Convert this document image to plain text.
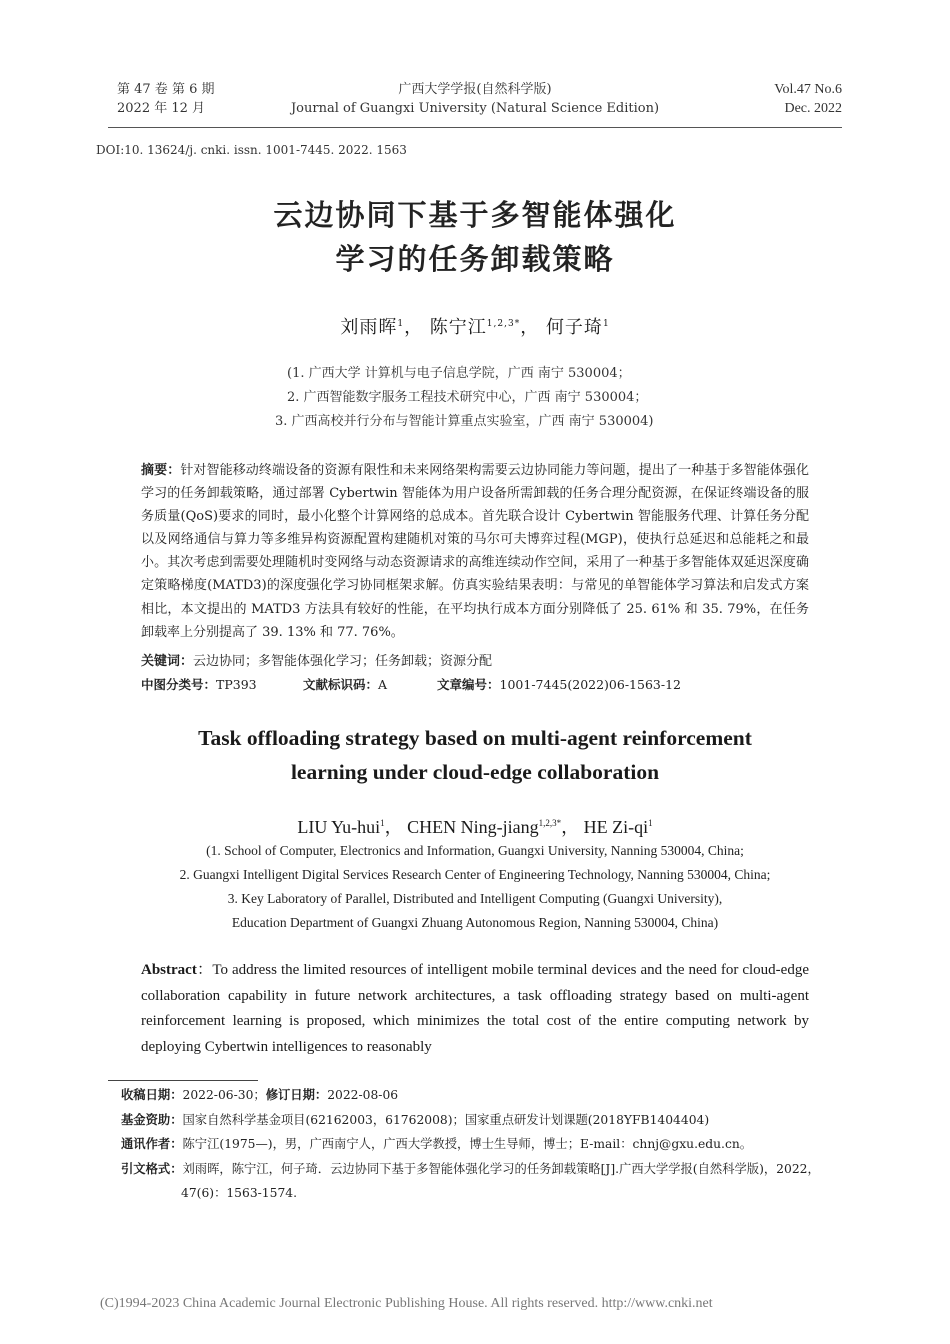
第 47 卷 第 6 期
2022 年 12 月
广西大学学报(自然科学版)
Journal of Guangxi University (Natural Science Edition)
Vol.47 No.6
Dec. 2022
DOI:10. 13624/j. cnki. issn. 1001-7445. 2022. 1563
云边协同下基于多智能体强化
学习的任务卸载策略
刘雨晖$^1$， 陈宁江$^{1,2,3*}$， 何子琦$^1$
(1. 广西大学 计算机与电子信息学院，广西 南宁 530004；
2. 广西智能数字服务工程技术研究中心，广西 南宁 530004；
3. 广西高校并行分布与智能计算重点实验室，广西 南宁 530004)
摘要：针对智能移动终端设备的资源有限性和未来网络架构需要云边协同能力等问题，提出了一种基于多智能体强化学习的任务卸载策略，通过部署 Cybertwin 智能体为用户设备所需卸载的任务合理分配资源，在保证终端设备的服务质量(QoS)要求的同时，最小化整个计算网络的总成本。首先联合设计 Cybertwin 智能服务代理、计算任务分配以及网络通信与算力等多维异构资源配置构建随机对策的马尔可夫博弈过程(MGP)，使执行总延迟和总能耗之和最小。其次考虑到需要处理随机时变网络与动态资源请求的高维连续动作空间，采用了一种基于多智能体双延迟深度确定策略梯度(MATD3)的深度强化学习协同框架求解。仿真实验结果表明：与常见的单智能体学习算法和启发式方案相比，本文提出的 MATD3 方法具有较好的性能，在平均执行成本方面分别降低了 25. 61% 和 35. 79%，在任务卸载率上分别提高了 39. 13% 和 77. 76%。
关键词：云边协同；多智能体强化学习；任务卸载；资源分配
中图分类号：TP393	文献标识码：A	文章编号：1001-7445(2022)06-1563-12
Task offloading strategy based on multi-agent reinforcement
learning under cloud-edge collaboration
LIU Yu-hui$^1$， CHEN Ning-jiang$^{1,2,3*}$， HE $Zi-qi^1$
(1. School of Computer, Electronics and Information, Guangxi University, Nanning 530004, China;
2. Guangxi Intelligent Digital Services Research Center of Engineering Technology, Nanning 530004, China;
3. Key Laboratory of Parallel, Distributed and Intelligent Computing (Guangxi University),
Education Department of Guangxi Zhuang Autonomous Region, Nanning 530004, China)
Abstract：To address the limited resources of intelligent mobile terminal devices and the need for cloud-edge collaboration capability in future network architectures, a task offloading strategy based on multi-agent reinforcement learning is proposed, which minimizes the total cost of the entire computing network by deploying Cybertwin intelligences to reasonably
收稿日期：2022-06-30；修订日期：2022-08-06
基金资助：国家自然科学基金项目(62162003，61762008)；国家重点研发计划课题(2018YFB1404404)
通讯作者：陈宁江(1975—)，男，广西南宁人，广西大学教授，博士生导师，博士；E-mail：chnj@gxu.edu.cn。
引文格式：刘雨晖，陈宁江，何子琦．云边协同下基于多智能体强化学习的任务卸载策略[J].广西大学学报(自然科学版)，2022，47(6)：1563-1574.
(C)1994-2023 China Academic Journal Electronic Publishing House. All rights reserved. http://www.cnki.net
